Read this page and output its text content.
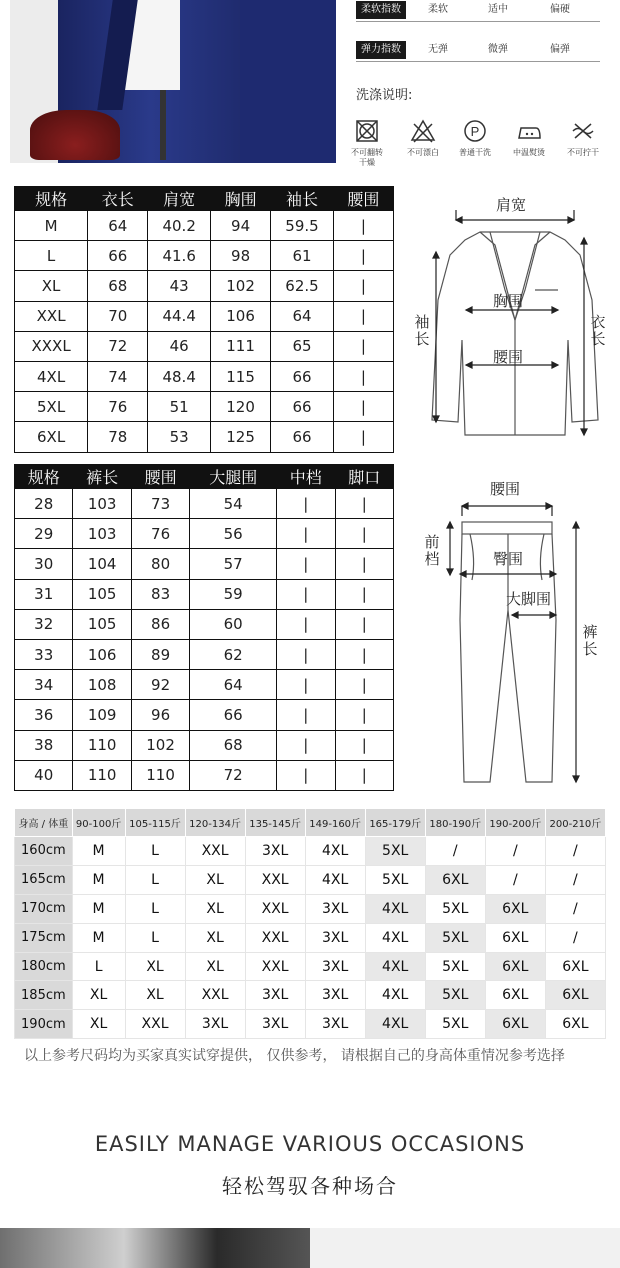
柔软指数	柔软	适中	偏硬
弹力指数	无弹	微弹	偏弹
洗涤说明:
不可翻转
干燥
不可漂白
P
普通干洗	中温熨烫	不可拧干
规格	衣长	肩宽	胸围	袖长	腰围
M	64	40.2	94	59.5	|
L	66	41.6	98	61	|
XL	68	43	102	62.5	|
XXL	70	44.4	106	64	|
XXXL	72	46	111	65	|
4XL	74	48.4	115	66	|
5XL	76	51	120	66	|
6XL	78	53	125	66	|
规格	裤长	腰围	大腿围	中档	脚口
28	103	73	54	|	|
29	103	76	56	|	|
30	104	80	57	|	|
31	105	83	59	|	|
32	105	86	60	|	|
33	106	89	62	|	|
34	108	92	64	|	|
36	109	96	66	|	|
38	110	102	68	|	|
40	110	110	72	|	|
肩宽
胸围
腰围
袖长
衣长
腰围
臀围
大脚围
前档
裤长
身高 / 体重	90-100斤	105-115斤	120-134斤	135-145斤	149-160斤	165-179斤	180-190斤	190-200斤	200-210斤
160cm	M	L	XXL	3XL	4XL	5XL	/	/	/
165cm	M	L	XL	XXL	4XL	5XL	6XL	/	/
170cm	M	L	XL	XXL	3XL	4XL	5XL	6XL	/
175cm	M	L	XL	XXL	3XL	4XL	5XL	6XL	/
180cm	L	XL	XL	XXL	3XL	4XL	5XL	6XL	6XL
185cm	XL	XL	XXL	3XL	3XL	4XL	5XL	6XL	6XL
190cm	XL	XXL	3XL	3XL	3XL	4XL	5XL	6XL	6XL
以上参考尺码均为买家真实试穿提供， 仅供参考， 请根据自己的身高体重情况参考选择
EASILY MANAGE VARIOUS OCCASIONS
轻松驾驭各种场合
